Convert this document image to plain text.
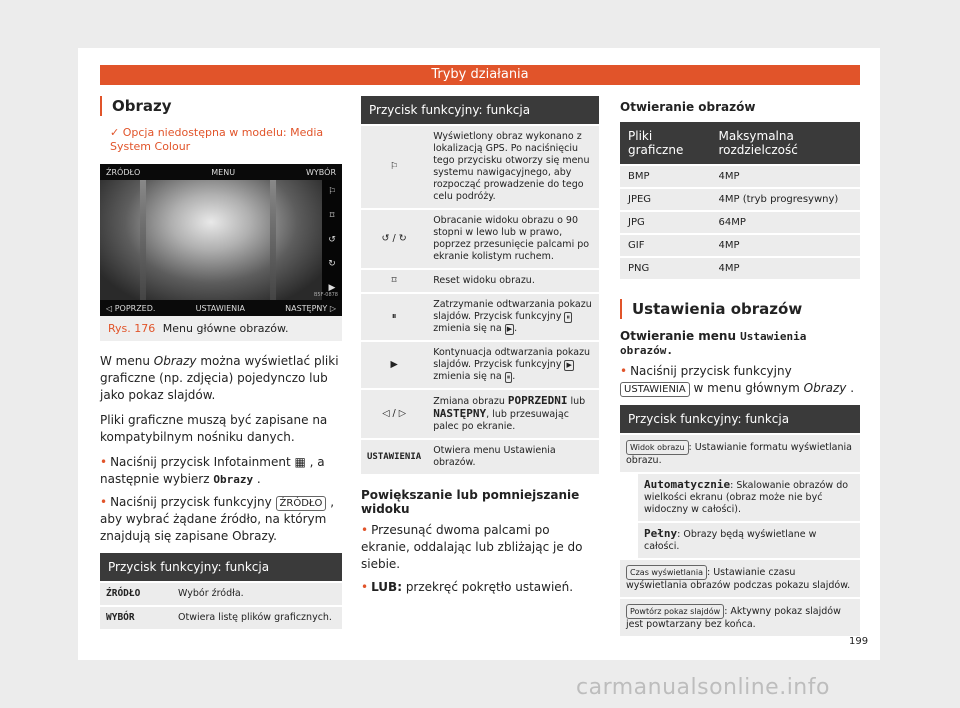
Tryby działania
Obrazy
✓ Opcja niedostępna w modelu: Media System Colour
ŹRÓDŁO	MENU	WYBÓR
⚐
⌑
↺
↻
▶
◁ POPRZED.	USTAWIENIA	NASTĘPNY ▷
B5F-0878
Rys. 176 Menu główne obrazów.

W menu Obrazy można wyświetlać pliki graficzne (np. zdjęcia) pojedynczo lub jako pokaz slajdów.

Pliki graficzne muszą być zapisane na kompatybilnym nośniku danych.

• Naciśnij przycisk Infotainment ▦ , a następnie wybierz Obrazy .

• Naciśnij przycisk funkcyjny ŹRÓDŁO , aby wybrać żądane źródło, na którym znajdują się zapisane Obrazy.

Przycisk funkcyjny: funkcja	
ŹRÓDŁO	Wybór źródła.
WYBÓR	Otwiera listę plików graficznych.
Przycisk funkcyjny: funkcja	
⚐	Wyświetlony obraz wykonano z lokalizacją GPS. Po naciśnięciu tego przycisku otworzy się menu systemu nawigacyjnego, aby rozpocząć prowadzenie do tego celu podróży.
↺ / ↻	Obracanie widoku obrazu o 90 stopni w lewo lub w prawo, poprzez przesunięcie palcami po ekranie kolistym ruchem.
⌑	Reset widoku obrazu.
⏸	Zatrzymanie odtwarzania pokazu slajdów. Przycisk funkcyjny ⏸ zmienia się na ▶ .
▶	Kontynuacja odtwarzania pokazu slajdów. Przycisk funkcyjny ▶ zmienia się na ⏸ .
◁ / ▷	Zmiana obrazu POPRZEDNI lub NASTĘPNY, lub przesuwając palec po ekranie.
USTAWIENIA	Otwiera menu Ustawienia obrazów.
Powiększanie lub pomniejszanie widoku

• Przesunąć dwoma palcami po ekranie, oddalając lub zbliżając je do siebie.

• LUB: przekręć pokrętło ustawień.

Otwieranie obrazów
Pliki graficzne	Maksymalna rozdzielczość
BMP	4MP
JPEG	4MP (tryb progresywny)
JPG	64MP
GIF	4MP
PNG	4MP
Ustawienia obrazów
Otwieranie menu Ustawienia obrazów.

• Naciśnij przycisk funkcyjny USTAWIENIA w menu głównym Obrazy .

Przycisk funkcyjny: funkcja	
Widok obrazu : Ustawianie formatu wyświetlania obrazu.	
	Automatycznie: Skalowanie obrazów do wielkości ekranu (obraz może nie być widoczny w całości).
	Pełny: Obrazy będą wyświetlane w całości.
Czas wyświetlania : Ustawianie czasu wyświetlania obrazów podczas pokazu slajdów.	
Powtórz pokaz slajdów : Aktywny pokaz slajdów jest powtarzany bez końca.	
199
carmanualsonline.info
